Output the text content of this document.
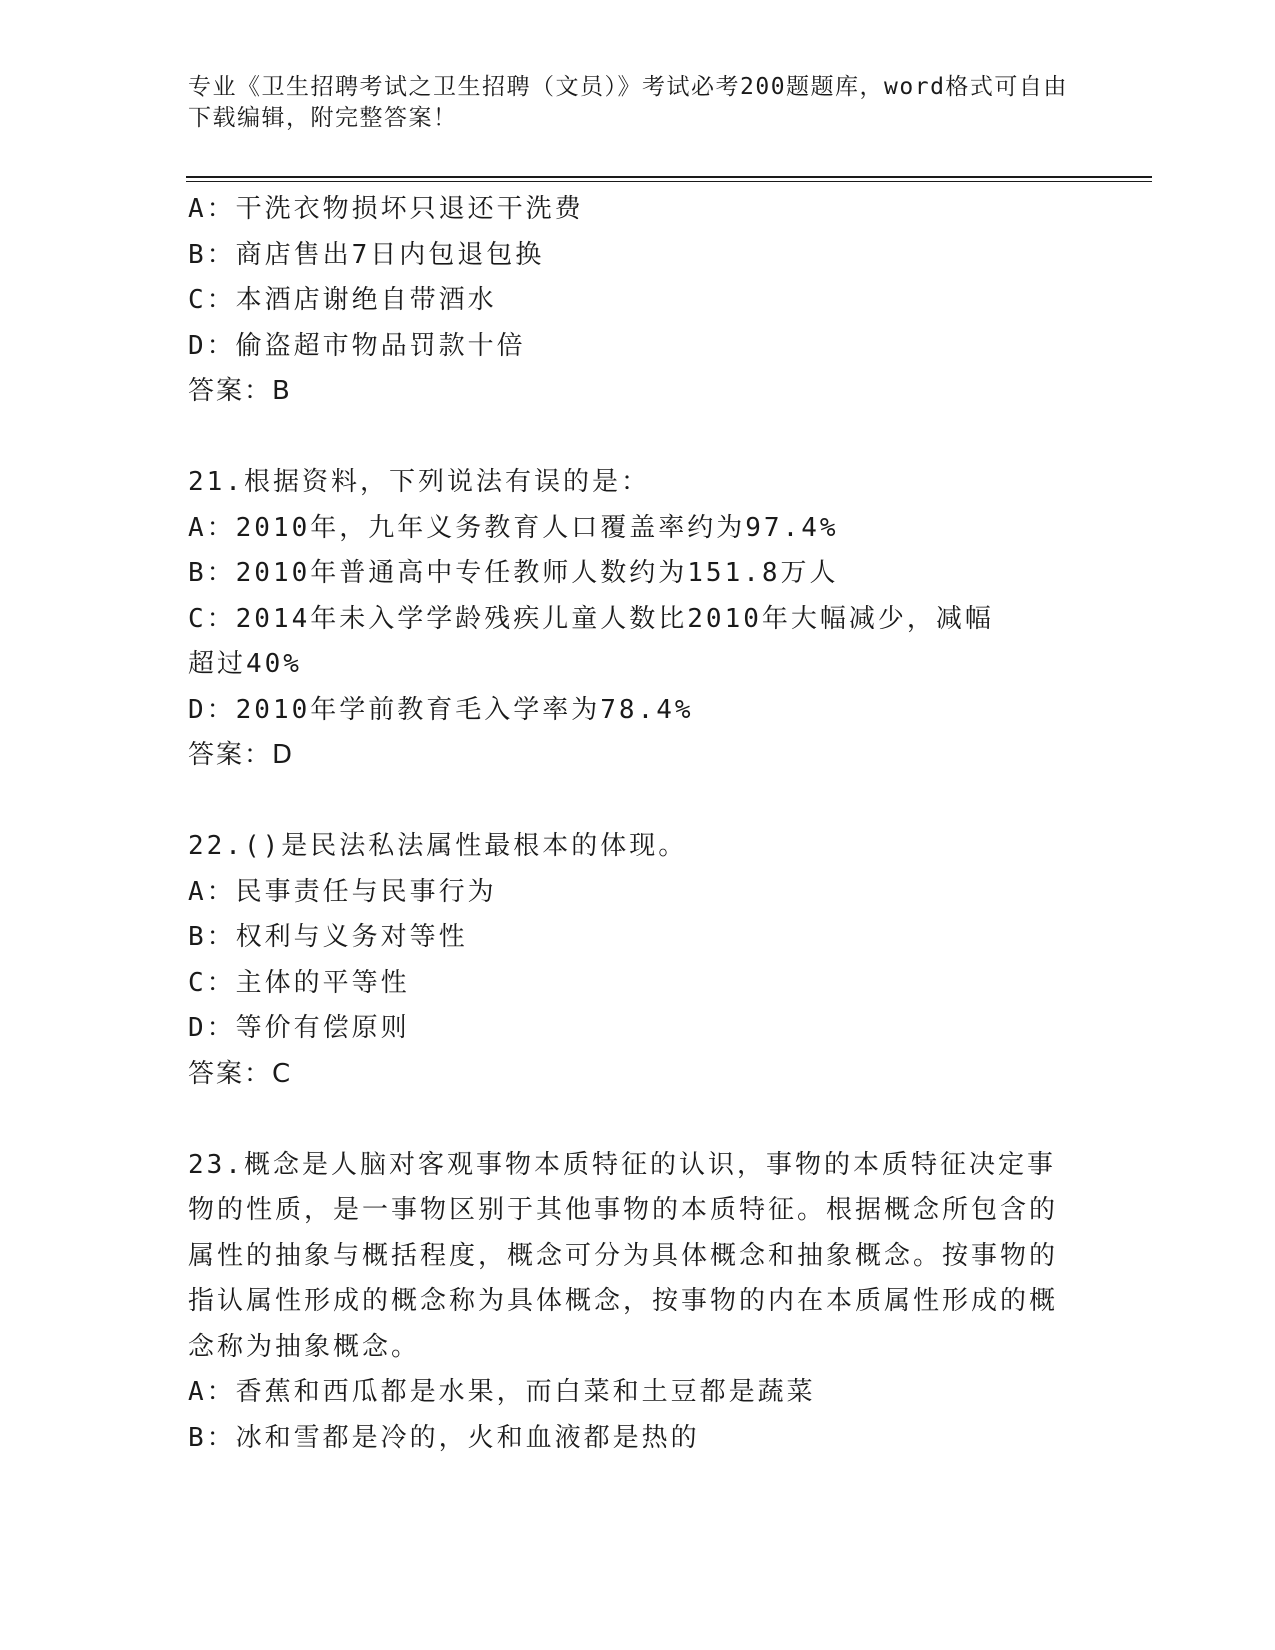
专业《卫生招聘考试之卫生招聘（文员）》考试必考200题题库，word格式可自由下载编辑，附完整答案！
A：干洗衣物损坏只退还干洗费
B：商店售出7日内包退包换
C：本酒店谢绝自带酒水
D：偷盗超市物品罚款十倍
答案：B
21.根据资料，下列说法有误的是：
A：2010年，九年义务教育人口覆盖率约为97.4%
B：2010年普通高中专任教师人数约为151.8万人
C：2014年未入学学龄残疾儿童人数比2010年大幅减少，减幅超过40%
D：2010年学前教育毛入学率为78.4%
答案：D
22.()是民法私法属性最根本的体现。
A：民事责任与民事行为
B：权利与义务对等性
C：主体的平等性
D：等价有偿原则
答案：C
23.概念是人脑对客观事物本质特征的认识，事物的本质特征决定事物的性质，是一事物区别于其他事物的本质特征。根据概念所包含的属性的抽象与概括程度，概念可分为具体概念和抽象概念。按事物的指认属性形成的概念称为具体概念，按事物的内在本质属性形成的概念称为抽象概念。
A：香蕉和西瓜都是水果，而白菜和土豆都是蔬菜
B：冰和雪都是冷的，火和血液都是热的
